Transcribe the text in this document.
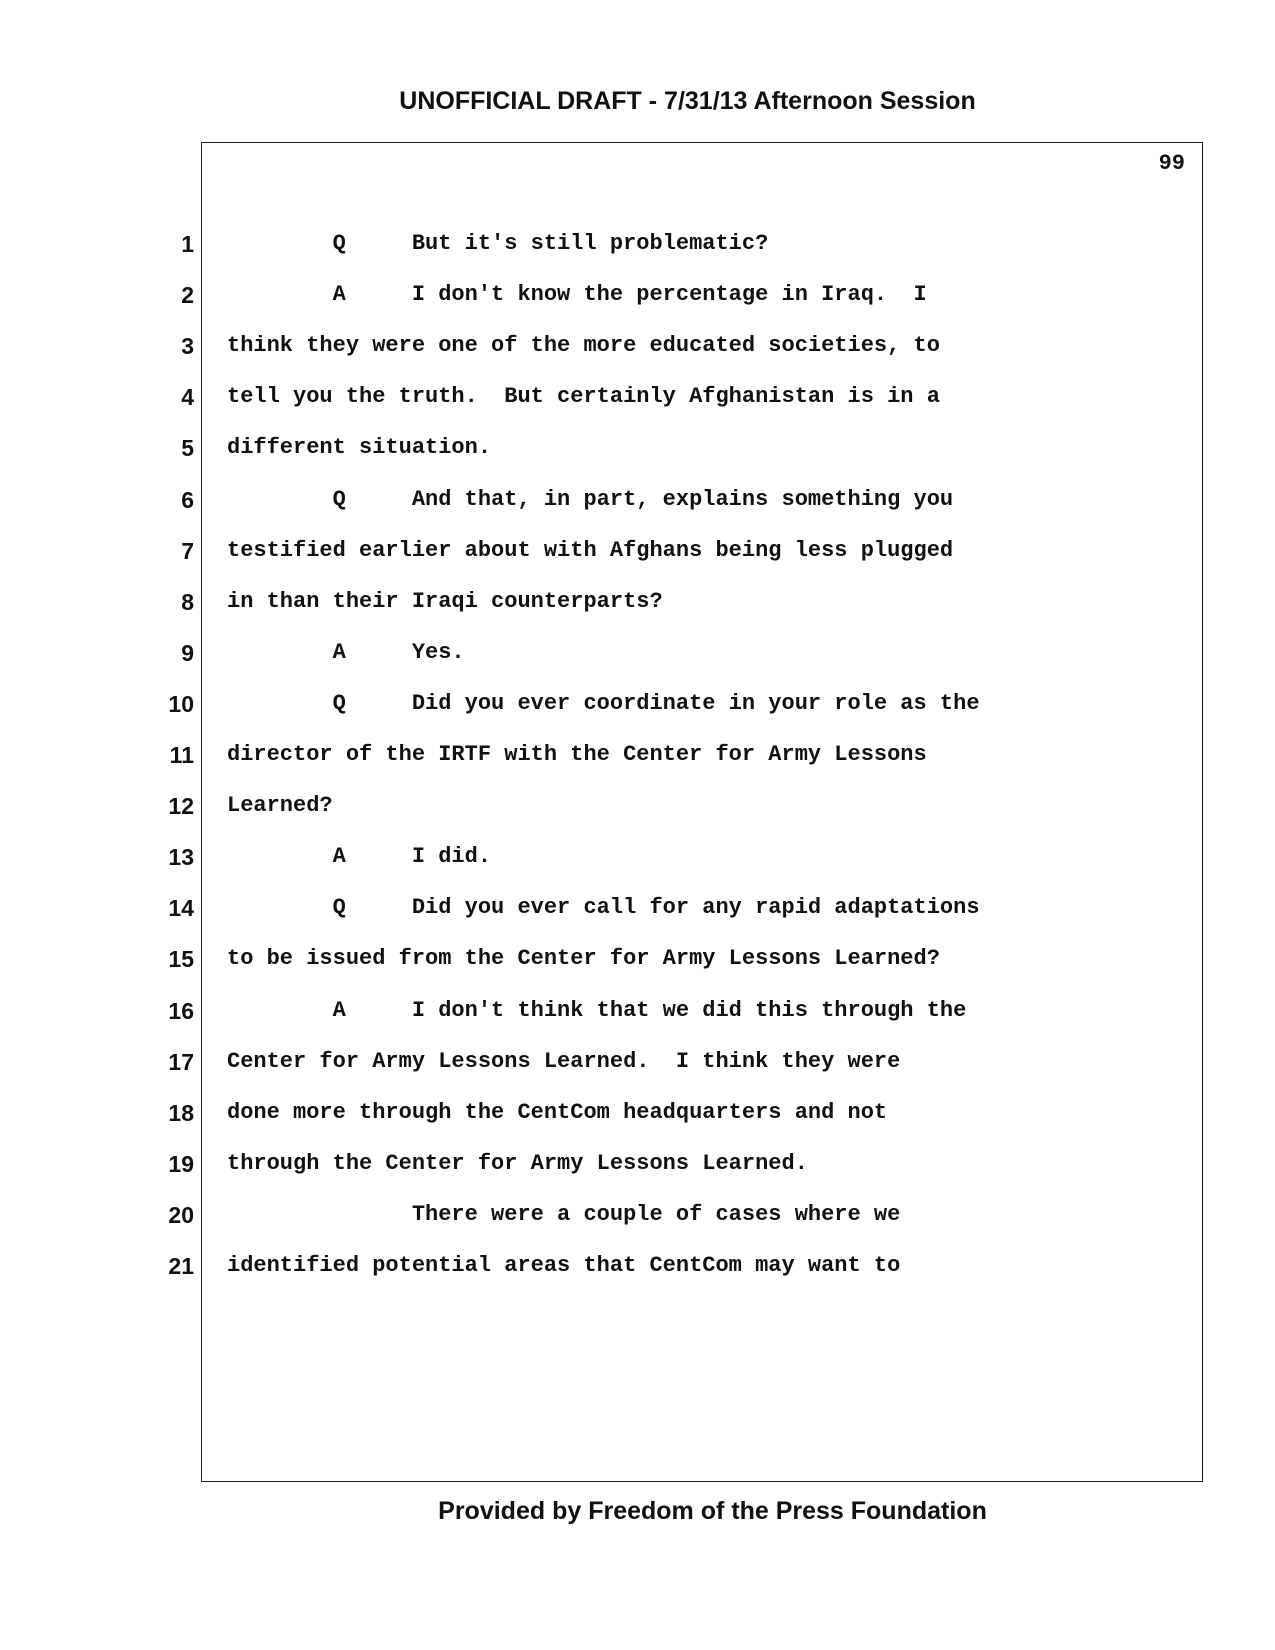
UNOFFICIAL DRAFT - 7/31/13 Afternoon Session
99
1 Q     But it's still problematic?
2 A     I don't know the percentage in Iraq.  I
3 think they were one of the more educated societies, to
4 tell you the truth.  But certainly Afghanistan is in a
5 different situation.
6 Q     And that, in part, explains something you
7 testified earlier about with Afghans being less plugged
8 in than their Iraqi counterparts?
9 A     Yes.
10 Q     Did you ever coordinate in your role as the
11 director of the IRTF with the Center for Army Lessons
12 Learned?
13 A     I did.
14 Q     Did you ever call for any rapid adaptations
15 to be issued from the Center for Army Lessons Learned?
16 A     I don't think that we did this through the
17 Center for Army Lessons Learned.  I think they were
18 done more through the CentCom headquarters and not
19 through the Center for Army Lessons Learned.
20 There were a couple of cases where we
21 identified potential areas that CentCom may want to
Provided by Freedom of the Press Foundation
